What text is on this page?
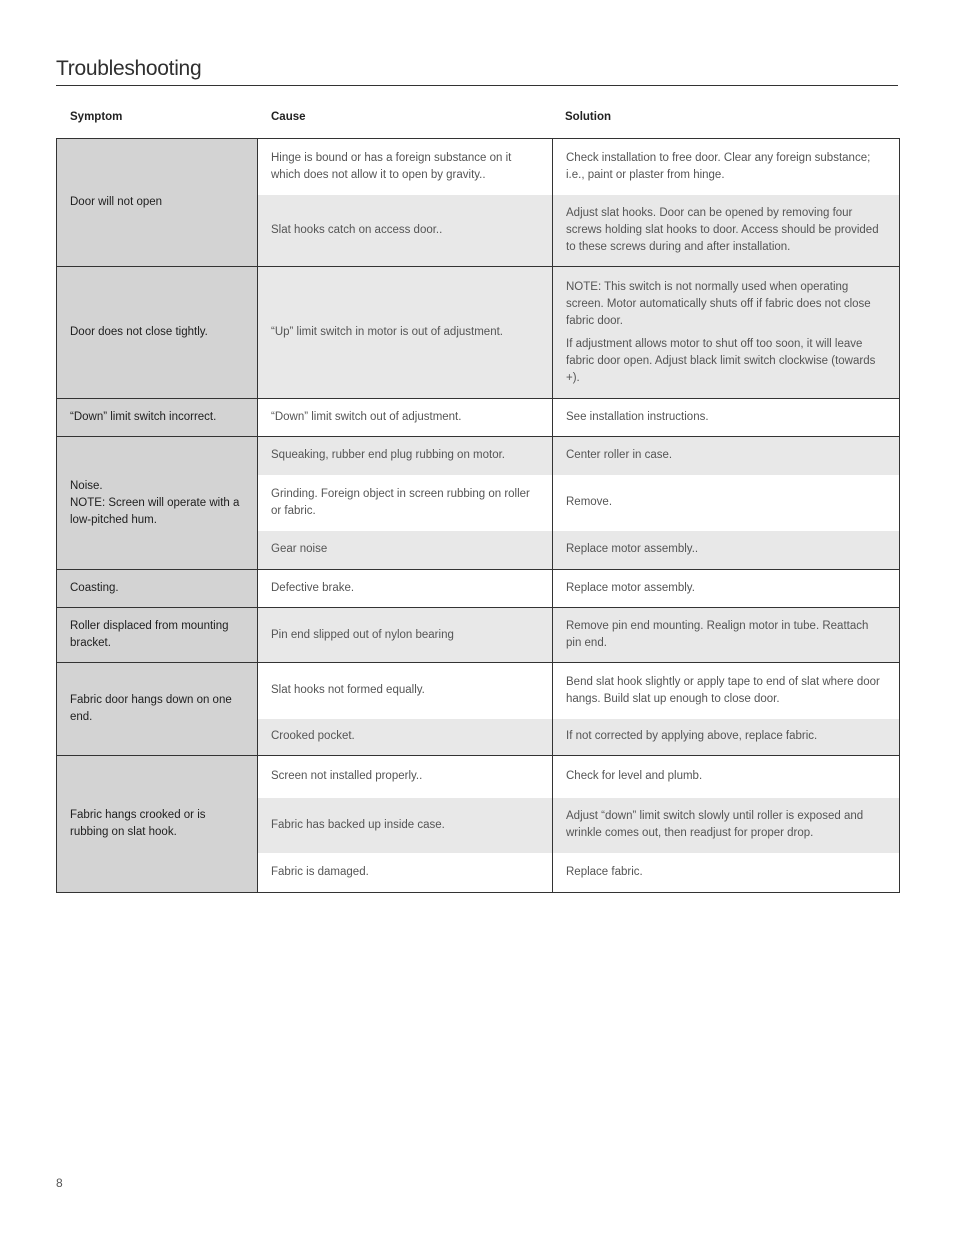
Troubleshooting
Symptom	Cause	Solution
Door will not open	Hinge is bound or has a foreign substance on it which does not allow it to open by gravity..	Check installation to free door. Clear any foreign substance; i.e., paint or plaster from hinge.

	Slat hooks catch on access door..	Adjust slat hooks. Door can be opened by removing four screws holding slat hooks to door. Access should be provided to these screws during and after installation.

Door does not close tightly.	“Up” limit switch in motor is out of adjustment.	NOTE: This switch is not normally used when operating screen. Motor automatically shuts off if fabric does not close fabric door.

If adjustment allows motor to shut off too soon, it will leave fabric door open. Adjust black limit switch clockwise (towards +).

“Down” limit switch incorrect.	“Down” limit switch out of adjustment.	See installation instructions.

Noise.
NOTE: Screen will operate with a low-pitched hum.	Squeaking, rubber end plug rubbing on motor.	Center roller in case.

	Grinding. Foreign object in screen rubbing on roller or fabric.	Remove.

	Gear noise	Replace motor assembly..

Coasting.	Defective brake.	Replace motor assembly.

Roller displaced from mounting bracket.	Pin end slipped out of nylon bearing	Remove pin end mounting. Realign motor in tube. Reattach pin end.

Fabric door hangs down on one end.	Slat hooks not formed equally.	Bend slat hook slightly or apply tape to end of slat where door hangs. Build slat up enough to close door.

	Crooked pocket.	If not corrected by applying above, replace fabric.

Fabric hangs crooked or is rubbing on slat hook.	Screen not installed properly..	Check for level and plumb.

	Fabric has backed up inside case.	Adjust “down” limit switch slowly until roller is exposed and wrinkle comes out, then readjust for proper drop.

	Fabric is damaged.	Replace fabric.

8
